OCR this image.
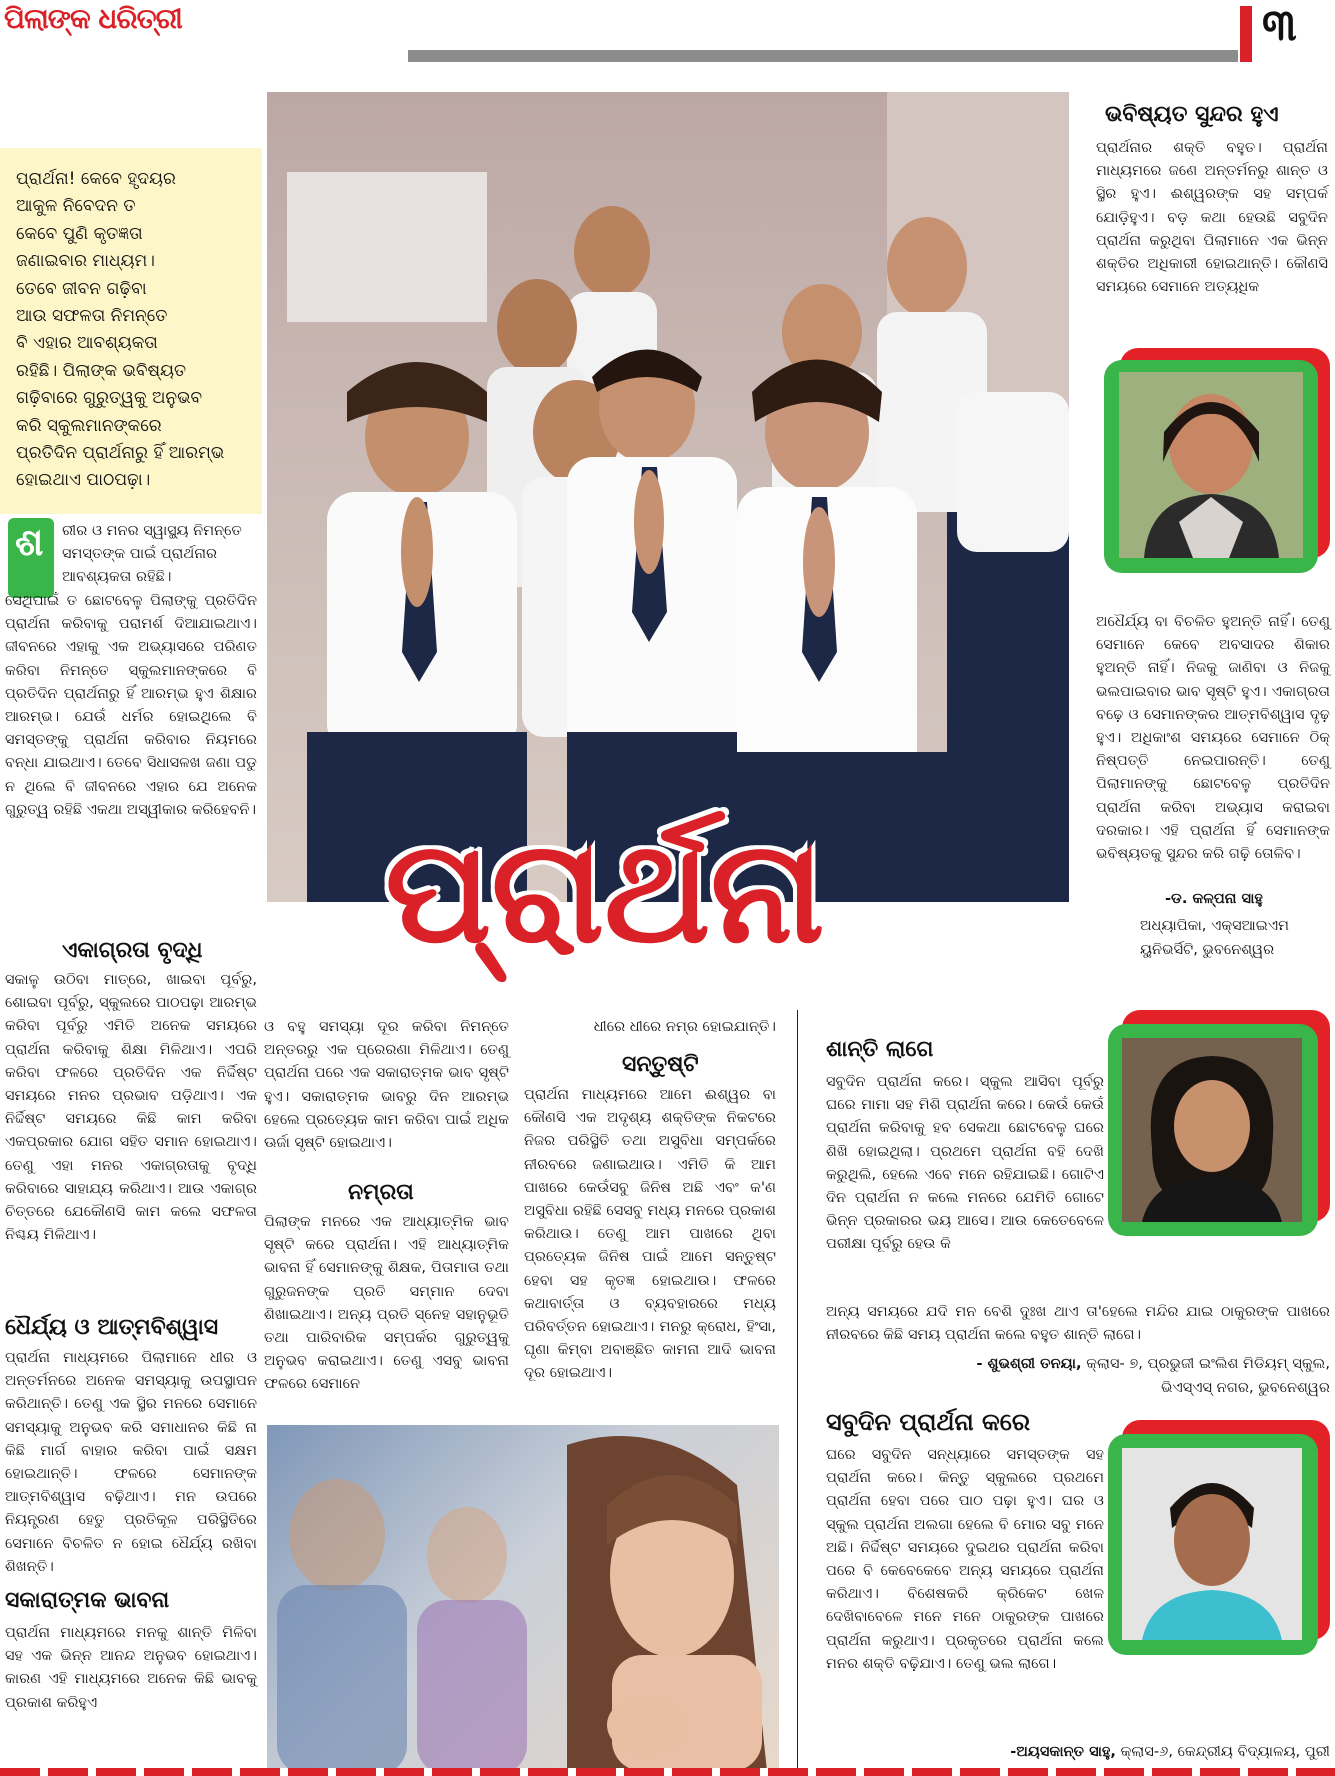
ପିଲାଙ୍କ ଧରିତ୍ରୀ	୩

ପ୍ରାର୍ଥନା! କେବେ ହୃଦୟର
ଆକୁଳ ନିବେଦନ ତ
କେବେ ପୁଣି କୃତଜ୍ଞତା
ଜଣାଇବାର ମାଧ୍ୟମ।
ତେବେ ଜୀବନ ଗଢ଼ିବା
ଆଉ ସଫଳତା ନିମନ୍ତେ
ବି ଏହାର ଆବଶ୍ୟକତା
ରହିଛି। ପିଲାଙ୍କ ଭବିଷ୍ୟତ
ଗଢ଼ିବାରେ ଗୁରୁତ୍ୱକୁ ଅନୁଭବ
କରି ସ୍କୁଲମାନଙ୍କରେ
ପ୍ରତିଦିନ ପ୍ରାର୍ଥନାରୁ ହିଁ ଆରମ୍ଭ
ହୋଇଥାଏ ପାଠପଢ଼ା।

ପ୍ରାର୍ଥନା
ଶ ରୀର ଓ ମନର ସ୍ୱାସ୍ଥ୍ୟ ନିମନ୍ତେ
ସମସ୍ତଙ୍କ ପାଇଁ ପ୍ରାର୍ଥନାର
ଆବଶ୍ୟକତା ରହିଛି।

ସେଥିପାଇଁ ତ ଛୋଟବେଳୁ ପିଲାଙ୍କୁ ପ୍ରତିଦିନ ପ୍ରାର୍ଥନା କରିବାକୁ ପରାମର୍ଶ ଦିଆଯାଇଥାଏ। ଜୀବନରେ ଏହାକୁ ଏକ ଅଭ୍ୟାସରେ ପରିଣତ କରିବା ନିମନ୍ତେ ସ୍କୁଲମାନଙ୍କରେ ବି ପ୍ରତିଦିନ ପ୍ରାର୍ଥନାରୁ ହିଁ ଆରମ୍ଭ ହୁଏ ଶିକ୍ଷାର ଆରମ୍ଭ। ଯେଉଁ ଧର୍ମର ହୋଇଥିଲେ ବି ସମସ୍ତଙ୍କୁ ପ୍ରାର୍ଥନା କରିବାର ନିୟମରେ ବନ୍ଧା ଯାଇଥାଏ। ତେବେ ସିଧାସଳଖ ଜଣା ପଡୁ ନ ଥିଲେ ବି ଜୀବନରେ ଏହାର ଯେ ଅନେକ ଗୁରୁତ୍ୱ ରହିଛି ଏକଥା ଅସ୍ୱୀକାର କରିହେବନି।

ଏକାଗ୍ରତା ବୃଦ୍ଧି

ସକାଳୁ ଉଠିବା ମାତ୍ରେ, ଖାଇବା ପୂର୍ବରୁ, ଶୋଇବା ପୂର୍ବରୁ, ସ୍କୁଲରେ ପାଠପଢ଼ା ଆରମ୍ଭ କରିବା ପୂର୍ବରୁ ଏମିତି ଅନେକ ସମୟରେ ପ୍ରାର୍ଥନା କରିବାକୁ ଶିକ୍ଷା ମିଳିଥାଏ। ଏପରି କରିବା ଫଳରେ ପ୍ରତିଦିନ ଏକ ନିର୍ଦ୍ଦିଷ୍ଟ ସମୟରେ ମନର ପ୍ରଭାବ ପଡ଼ିଥାଏ। ଏକ ନିର୍ଦ୍ଦିଷ୍ଟ ସମୟରେ କିଛି କାମ କରିବା ଏକପ୍ରକାର ଯୋଗ ସହିତ ସମାନ ହୋଇଥାଏ। ତେଣୁ ଏହା ମନର ଏକାଗ୍ରତାକୁ ବୃଦ୍ଧି କରିବାରେ ସାହାଯ୍ୟ କରିଥାଏ। ଆଉ ଏକାଗ୍ର ଚିତ୍ତରେ ଯେକୌଣସି କାମ କଲେ ସଫଳତା ନିଶ୍ଚୟ ମିଳିଥାଏ।

ଧୈର୍ଯ୍ୟ ଓ ଆତ୍ମବିଶ୍ୱାସ

ପ୍ରାର୍ଥନା ମାଧ୍ୟମରେ ପିଲାମାନେ ଧୀର ଓ ଅନ୍ତର୍ମନରେ ଅନେକ ସମସ୍ୟାକୁ ଉପସ୍ଥାପନ କରିଥାନ୍ତି। ତେଣୁ ଏକ ସ୍ଥିର ମନରେ ସେମାନେ ସମସ୍ୟାକୁ ଅନୁଭବ କରି ସମାଧାନର କିଛି ନା କିଛି ମାର୍ଗ ବାହାର କରିବା ପାଇଁ ସକ୍ଷମ ହୋଇଥାନ୍ତି। ଫଳରେ ସେମାନଙ୍କ ଆତ୍ମବିଶ୍ୱାସ ବଢ଼ିଥାଏ। ମନ ଉପରେ ନିୟନ୍ତ୍ରଣ ହେତୁ ପ୍ରତିକୂଳ ପରିସ୍ଥିତିରେ ସେମାନେ ବିଚଳିତ ନ ହୋଇ ଧୈର୍ଯ୍ୟ ରଖିବା ଶିଖନ୍ତି।

ସକାରାତ୍ମକ ଭାବନା

ପ୍ରାର୍ଥନା ମାଧ୍ୟମରେ ମନକୁ ଶାନ୍ତି ମିଳିବା ସହ ଏକ ଭିନ୍ନ ଆନନ୍ଦ ଅନୁଭବ ହୋଇଥାଏ। କାରଣ ଏହି ମାଧ୍ୟମରେ ଅନେକ କିଛି ଭାବକୁ ପ୍ରକାଶ କରିହୁଏ

ଓ ବହୁ ସମସ୍ୟା ଦୂର କରିବା ନିମନ୍ତେ ଅନ୍ତରରୁ ଏକ ପ୍ରେରଣା ମିଳିଥାଏ। ତେଣୁ ପ୍ରାର୍ଥନା ପରେ ଏକ ସକାରାତ୍ମକ ଭାବ ସୃଷ୍ଟି ହୁଏ। ସକାରାତ୍ମକ ଭାବରୁ ଦିନ ଆରମ୍ଭ ହେଲେ ପ୍ରତ୍ୟେକ କାମ କରିବା ପାଇଁ ଅଧିକ ଊର୍ଜା ସୃଷ୍ଟି ହୋଇଥାଏ।

ନମ୍ରତା

ପିଲାଙ୍କ ମନରେ ଏକ ଆଧ୍ୟାତ୍ମିକ ଭାବ ସୃଷ୍ଟି କରେ ପ୍ରାର୍ଥନା। ଏହି ଆଧ୍ୟାତ୍ମିକ ଭାବନା ହିଁ ସେମାନଙ୍କୁ ଶିକ୍ଷକ, ପିତାମାତା ତଥା ଗୁରୁଜନଙ୍କ ପ୍ରତି ସମ୍ମାନ ଦେବା ଶିଖାଇଥାଏ। ଅନ୍ୟ ପ୍ରତି ସ୍ନେହ ସହାନୁଭୂତି ତଥା ପାରିବାରିକ ସମ୍ପର୍କର ଗୁରୁତ୍ୱକୁ ଅନୁଭବ କରାଇଥାଏ। ତେଣୁ ଏସବୁ ଭାବନା ଫଳରେ ସେମାନେ

ଧୀରେ ଧୀରେ ନମ୍ର ହୋଇଯାନ୍ତି।

ସନ୍ତୁଷ୍ଟି

ପ୍ରାର୍ଥନା ମାଧ୍ୟମରେ ଆମେ ଈଶ୍ୱର ବା କୌଣସି ଏକ ଅଦୃଶ୍ୟ ଶକ୍ତିଙ୍କ ନିକଟରେ ନିଜର ପରିସ୍ଥିତି ତଥା ଅସୁବିଧା ସମ୍ପର୍କରେ ନୀରବରେ ଜଣାଇଥାଉ। ଏମିତି କି ଆମ ପାଖରେ କେଉଁସବୁ ଜିନିଷ ଅଛି ଏବଂ କ'ଣ ଅସୁବିଧା ରହିଛି ସେସବୁ ମଧ୍ୟ ମନରେ ପ୍ରକାଶ କରିଥାଉ। ତେଣୁ ଆମ ପାଖରେ ଥିବା ପ୍ରତ୍ୟେକ ଜିନିଷ ପାଇଁ ଆମେ ସନ୍ତୁଷ୍ଟ ହେବା ସହ କୃତଜ୍ଞ ହୋଇଥାଉ। ଫଳରେ କଥାବାର୍ତ୍ତା ଓ ବ୍ୟବହାରରେ ମଧ୍ୟ ପରିବର୍ତ୍ତନ ହୋଇଥାଏ। ମନରୁ କ୍ରୋଧ, ହିଂସା, ଘୃଣା କିମ୍ବା ଅବାଞ୍ଛିତ କାମନା ଆଦି ଭାବନା ଦୂର ହୋଇଥାଏ।

ଭବିଷ୍ୟତ ସୁନ୍ଦର ହୁଏ

ପ୍ରାର୍ଥନାର ଶକ୍ତି ବହୁତ। ପ୍ରାର୍ଥନା ମାଧ୍ୟମରେ ଜଣେ ଅନ୍ତର୍ମନରୁ ଶାନ୍ତ ଓ ସ୍ଥିର ହୁଏ। ଈଶ୍ୱରଙ୍କ ସହ ସମ୍ପର୍କ ଯୋଡ଼ିହୁଏ। ବଡ଼ କଥା ହେଉଛି ସବୁଦିନ ପ୍ରାର୍ଥନା କରୁଥିବା ପିଲାମାନେ ଏକ ଭିନ୍ନ ଶକ୍ତିର ଅଧିକାରୀ ହୋଇଥାନ୍ତି। କୌଣସି ସମୟରେ ସେମାନେ ଅତ୍ୟଧିକ

ଅଧୈର୍ଯ୍ୟ ବା ବିଚଳିତ ହୁଅନ୍ତି ନାହିଁ। ତେଣୁ ସେମାନେ କେବେ ଅବସାଦର ଶିକାର ହୁଅନ୍ତି ନାହିଁ। ନିଜକୁ ଜାଣିବା ଓ ନିଜକୁ ଭଲପାଇବାର ଭାବ ସୃଷ୍ଟି ହୁଏ। ଏକାଗ୍ରତା ବଢ଼େ ଓ ସେମାନଙ୍କର ଆତ୍ମବିଶ୍ୱାସ ଦୃଢ଼ ହୁଏ। ଅଧିକାଂଶ ସମୟରେ ସେମାନେ ଠିକ୍ ନିଷ୍ପତ୍ତି ନେଇପାରନ୍ତି। ତେଣୁ ପିଲାମାନଙ୍କୁ ଛୋଟବେଳୁ ପ୍ରତିଦିନ ପ୍ରାର୍ଥନା କରିବା ଅଭ୍ୟାସ କରାଇବା ଦରକାର। ଏହି ପ୍ରାର୍ଥନା ହିଁ ସେମାନଙ୍କ ଭବିଷ୍ୟତକୁ ସୁନ୍ଦର କରି ଗଢ଼ି ତୋଳିବ।

-ଡ. କଳ୍ପନା ସାହୁ

ଅଧ୍ୟାପିକା, ଏକ୍ସଆଇଏମ

ୟୁନିଭର୍ସିଟି, ଭୁବନେଶ୍ୱର

ଶାନ୍ତି ଲାଗେ

ସବୁଦିନ ପ୍ରାର୍ଥନା କରେ। ସ୍କୁଲ ଆସିବା ପୂର୍ବରୁ ଘରେ ମାମା ସହ ମିଶି ପ୍ରାର୍ଥନା କରେ। କେଉଁ କେଉଁ ପ୍ରାର୍ଥନା କରିବାକୁ ହବ ସେକଥା ଛୋଟବେଳୁ ଘରେ ଶିଖି ହୋଇଥିଲା। ପ୍ରଥମେ ପ୍ରାର୍ଥନା ବହି ଦେଖି କରୁଥିଲି, ହେଲେ ଏବେ ମନେ ରହିଯାଇଛି। ଗୋଟିଏ ଦିନ ପ୍ରାର୍ଥନା ନ କଲେ ମନରେ ଯେମିତି ଗୋଟେ ଭିନ୍ନ ପ୍ରକାରର ଭୟ ଆସେ। ଆଉ କେତେବେଳେ ପରୀକ୍ଷା ପୂର୍ବରୁ ହେଉ କି

ଅନ୍ୟ ସମୟରେ ଯଦି ମନ ବେଶି ଦୁଃଖ ଥାଏ ତା'ହେଲେ ମନ୍ଦିର ଯାଇ ଠାକୁରଙ୍କ ପାଖରେ ନୀରବରେ କିଛି ସମୟ ପ୍ରାର୍ଥନା କଲେ ବହୁତ ଶାନ୍ତି ଲାଗେ।

- ଶୁଭଶ୍ରୀ ତନୟା, କ୍ଲାସ- ୭, ପ୍ରଭୁଜୀ ଇଂଲିଶ ମିଡିୟମ୍ ସ୍କୁଲ,

ଭିଏସ୍‌ଏସ୍ ନଗର, ଭୁବନେଶ୍ୱର

ସବୁଦିନ ପ୍ରାର୍ଥନା କରେ

ଘରେ ସବୁଦିନ ସନ୍ଧ୍ୟାରେ ସମସ୍ତଙ୍କ ସହ ପ୍ରାର୍ଥନା କରେ। କିନ୍ତୁ ସ୍କୁଲରେ ପ୍ରଥମେ ପ୍ରାର୍ଥନା ହେବା ପରେ ପାଠ ପଢ଼ା ହୁଏ। ଘର ଓ ସ୍କୁଲ ପ୍ରାର୍ଥନା ଅଲଗା ହେଲେ ବି ମୋର ସବୁ ମନେ ଅଛି। ନିର୍ଦ୍ଦିଷ୍ଟ ସମୟରେ ଦୁଇଥର ପ୍ରାର୍ଥନା କରିବା ପରେ ବି କେବେକେବେ ଅନ୍ୟ ସମୟରେ ପ୍ରାର୍ଥନା କରିଥାଏ। ବିଶେଷକରି କ୍ରିକେଟ ଖେଳ ଦେଖିବାବେଳେ ମନେ ମନେ ଠାକୁରଙ୍କ ପାଖରେ ପ୍ରାର୍ଥନା କରୁଥାଏ। ପ୍ରକୃତରେ ପ୍ରାର୍ଥନା କଲେ ମନର ଶକ୍ତି ବଢ଼ିଯାଏ। ତେଣୁ ଭଲ ଲାଗେ।

-ଅୟସକାନ୍ତ ସାହୁ, କ୍ଲାସ-୬, କେନ୍ଦ୍ରୀୟ ବିଦ୍ୟାଳୟ, ପୁରୀ
